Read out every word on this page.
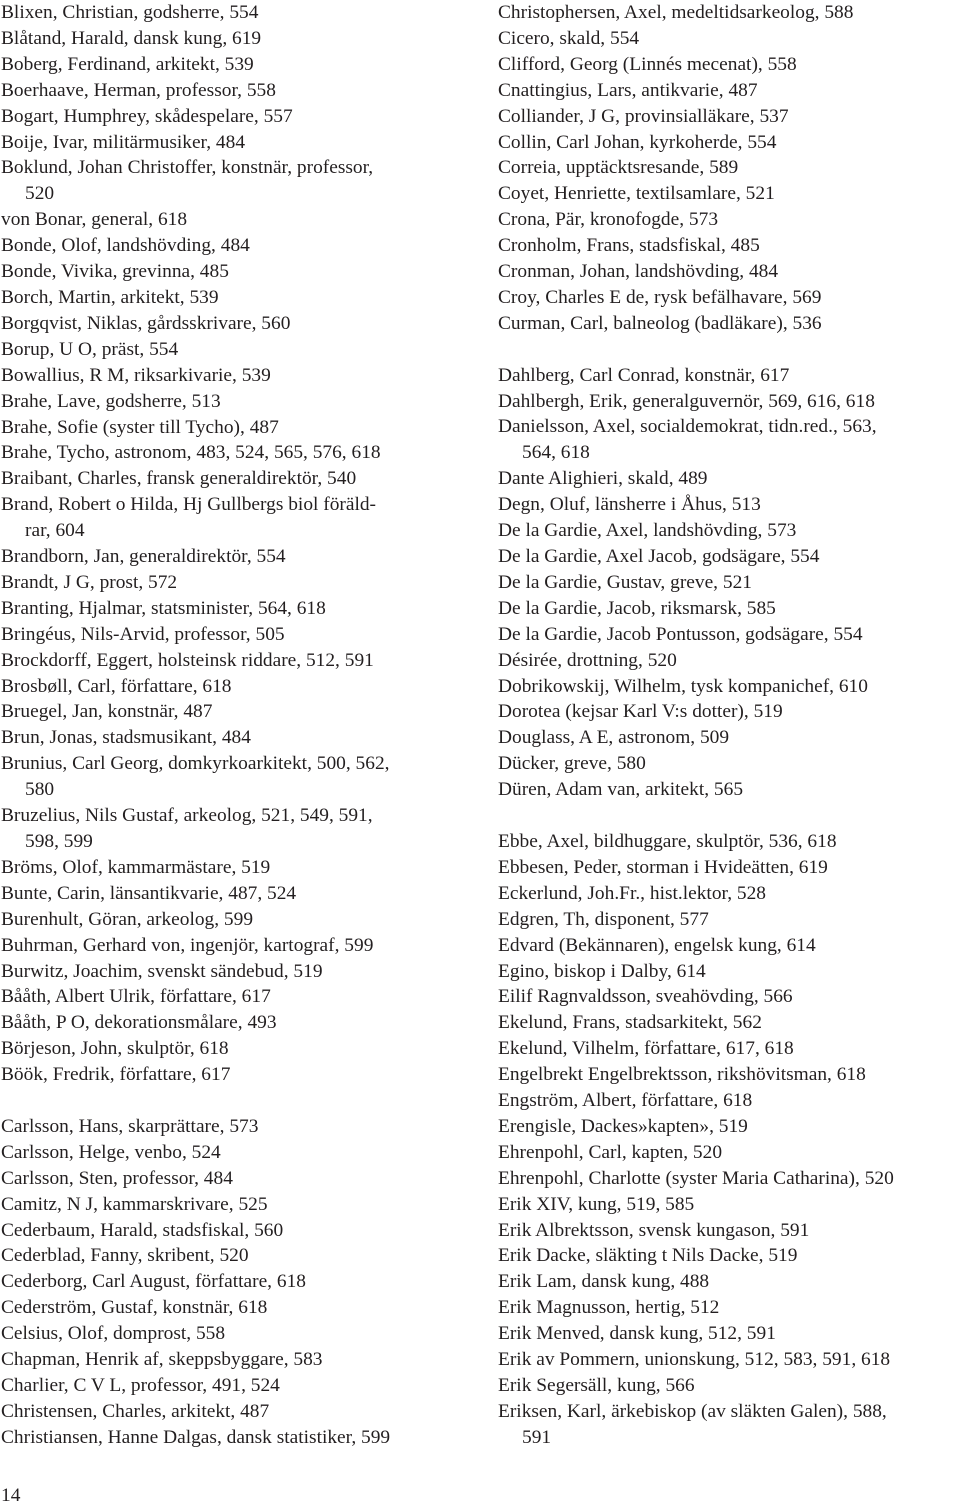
Blixen, Christian, godsherre, 554
Blåtand, Harald, dansk kung, 619
Boberg, Ferdinand, arkitekt, 539
Boerhaave, Herman, professor, 558
Bogart, Humphrey, skådespelare, 557
Boije, Ivar, militärmusiker, 484
Boklund, Johan Christoffer, konstnär, professor,
520
von Bonar, general, 618
Bonde, Olof, landshövding, 484
Bonde, Vivika, grevinna, 485
Borch, Martin, arkitekt, 539
Borgqvist, Niklas, gårdsskrivare, 560
Borup, U O, präst, 554
Bowallius, R M, riksarkivarie, 539
Brahe, Lave, godsherre, 513
Brahe, Sofie (syster till Tycho), 487
Brahe, Tycho, astronom, 483, 524, 565, 576, 618
Braibant, Charles, fransk generaldirektör, 540
Brand, Robert o Hilda, Hj Gullbergs biol föräld-
rar, 604
Brandborn, Jan, generaldirektör, 554
Brandt, J G, prost, 572
Branting, Hjalmar, statsminister, 564, 618
Bringéus, Nils-Arvid, professor, 505
Brockdorff, Eggert, holsteinsk riddare, 512, 591
Brosbøll, Carl, författare, 618
Bruegel, Jan, konstnär, 487
Brun, Jonas, stadsmusikant, 484
Brunius, Carl Georg, domkyrkoarkitekt, 500, 562,
580
Bruzelius, Nils Gustaf, arkeolog, 521, 549, 591,
598, 599
Bröms, Olof, kammarmästare, 519
Bunte, Carin, länsantikvarie, 487, 524
Burenhult, Göran, arkeolog, 599
Buhrman, Gerhard von, ingenjör, kartograf, 599
Burwitz, Joachim, svenskt sändebud, 519
Bååth, Albert Ulrik, författare, 617
Bååth, P O, dekorationsmålare, 493
Börjeson, John, skulptör, 618
Böök, Fredrik, författare, 617
Carlsson, Hans, skarprättare, 573
Carlsson, Helge, venbo, 524
Carlsson, Sten, professor, 484
Camitz, N J, kammarskrivare, 525
Cederbaum, Harald, stadsfiskal, 560
Cederblad, Fanny, skribent, 520
Cederborg, Carl August, författare, 618
Cederström, Gustaf, konstnär, 618
Celsius, Olof, domprost, 558
Chapman, Henrik af, skeppsbyggare, 583
Charlier, C V L, professor, 491, 524
Christensen, Charles, arkitekt, 487
Christiansen, Hanne Dalgas, dansk statistiker, 599
Christophersen, Axel, medeltidsarkeolog, 588
Cicero, skald, 554
Clifford, Georg (Linnés mecenat), 558
Cnattingius, Lars, antikvarie, 487
Colliander, J G, provinsialläkare, 537
Collin, Carl Johan, kyrkoherde, 554
Correia, upptäcktsresande, 589
Coyet, Henriette, textilsamlare, 521
Crona, Pär, kronofogde, 573
Cronholm, Frans, stadsfiskal, 485
Cronman, Johan, landshövding, 484
Croy, Charles E de, rysk befälhavare, 569
Curman, Carl, balneolog (badläkare), 536
Dahlberg, Carl Conrad, konstnär, 617
Dahlbergh, Erik, generalguvernör, 569, 616, 618
Danielsson, Axel, socialdemokrat, tidn.red., 563,
564, 618
Dante Alighieri, skald, 489
Degn, Oluf, länsherre i Åhus, 513
De la Gardie, Axel, landshövding, 573
De la Gardie, Axel Jacob, godsägare, 554
De la Gardie, Gustav, greve, 521
De la Gardie, Jacob, riksmarsk, 585
De la Gardie, Jacob Pontusson, godsägare, 554
Désirée, drottning, 520
Dobrikowskij, Wilhelm, tysk kompanichef, 610
Dorotea (kejsar Karl V:s dotter), 519
Douglass, A E, astronom, 509
Dücker, greve, 580
Düren, Adam van, arkitekt, 565
Ebbe, Axel, bildhuggare, skulptör, 536, 618
Ebbesen, Peder, storman i Hvideätten, 619
Eckerlund, Joh.Fr., hist.lektor, 528
Edgren, Th, disponent, 577
Edvard (Bekännaren), engelsk kung, 614
Egino, biskop i Dalby, 614
Eilif Ragnvaldsson, sveahövding, 566
Ekelund, Frans, stadsarkitekt, 562
Ekelund, Vilhelm, författare, 617, 618
Engelbrekt Engelbrektsson, rikshövitsman, 618
Engström, Albert, författare, 618
Erengisle, Dackes»kapten», 519
Ehrenpohl, Carl, kapten, 520
Ehrenpohl, Charlotte (syster Maria Catharina), 520
Erik XIV, kung, 519, 585
Erik Albrektsson, svensk kungason, 591
Erik Dacke, släkting t Nils Dacke, 519
Erik Lam, dansk kung, 488
Erik Magnusson, hertig, 512
Erik Menved, dansk kung, 512, 591
Erik av Pommern, unionskung, 512, 583, 591, 618
Erik Segersäll, kung, 566
Eriksen, Karl, ärkebiskop (av släkten Galen), 588,
591
14
